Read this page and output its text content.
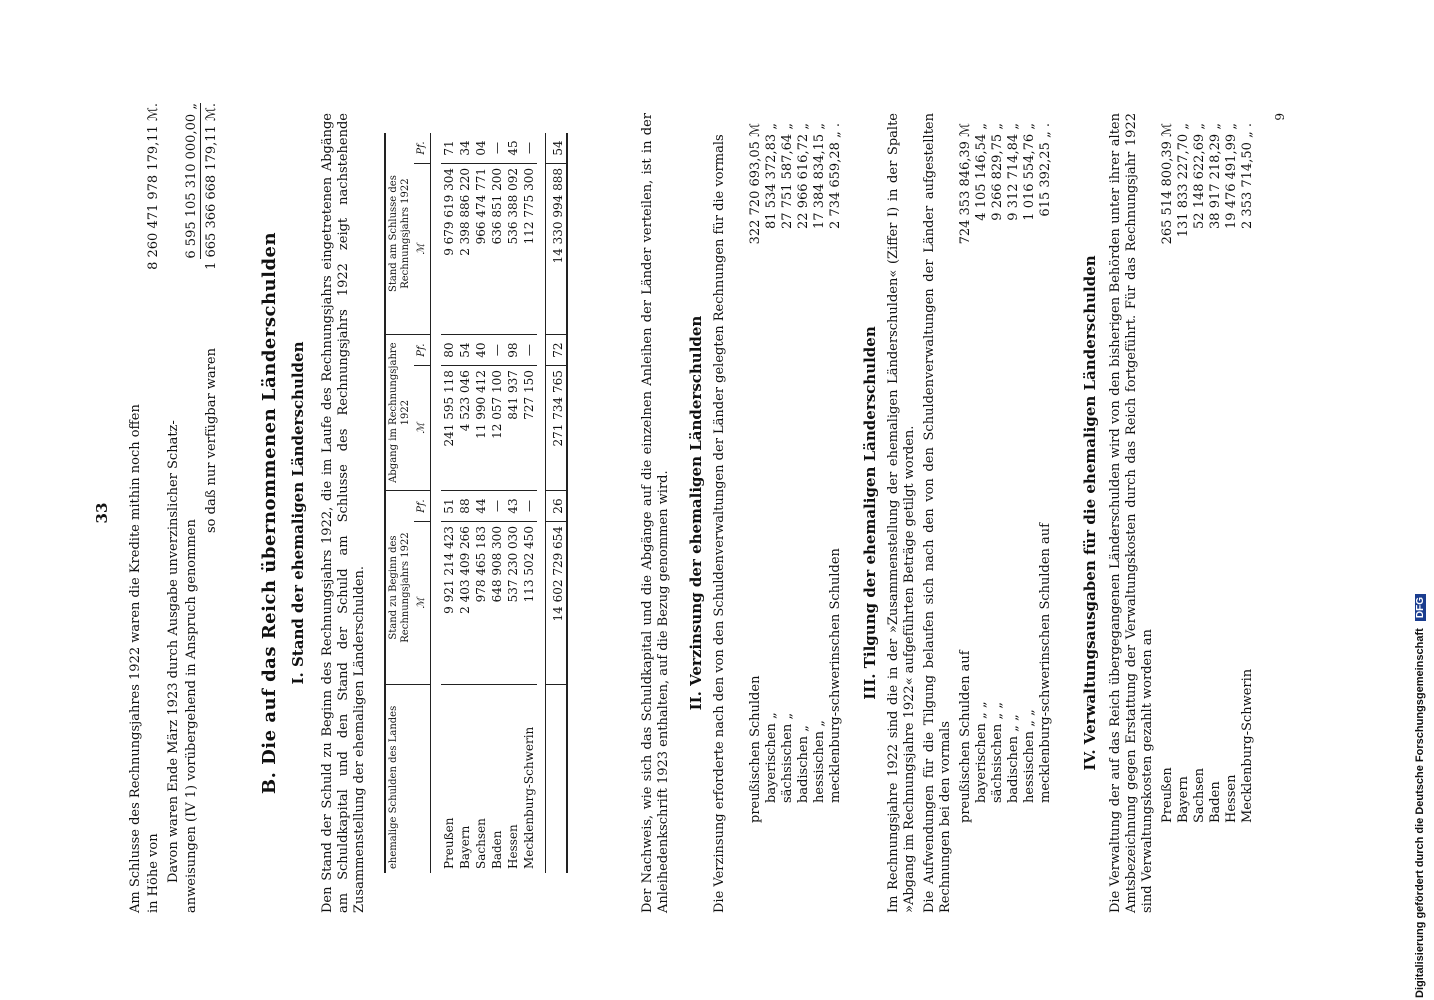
33 Am Schlusse des Rechnungsjahres 1922 waren die Kredite mithin noch offen in Höhe von
8 260 471 978 179,11 ℳ.
Davon waren Ende März 1923 durch Ausgabe unverzinslicher Schatz- anweisungen (IV 1) vorübergehend in Anspruch genommen
6 595 105 310 000,00 „
so daß nur verfügbar waren
1 665 366 668 179,11 ℳ.
B. Die auf das Reich übernommenen Länderschulden I. Stand der ehemaligen Länderschulden Den Stand der Schuld zu Beginn des Rechnungsjahrs 1922, die im Laufe des Rechnungsjahrs eingetretenen Abgänge am Schuldkapital und den Stand der Schuld am Schlusse des Rechnungsjahrs 1922 zeigt nachstehende Zusammenstellung der ehemaligen Länderschulden. ehemalige Schulden des Landes	Stand zu Beginn des Rechnungsjahrs 1922		Abgang im Rechnungsjahre 1922		Stand am Schlusse des Rechnungsjahrs 1922	
	ℳ	Pf.	ℳ	Pf.	ℳ	Pf.

Preußen	9 921 214 423	51	241 595 118	80	9 679 619 304	71
Bayern	2 403 409 266	88	4 523 046	54	2 398 886 220	34
Sachsen	978 465 183	44	11 990 412	40	966 474 771	04
Baden	648 908 300	—	12 057 100	—	636 851 200	—
Hessen	537 230 030	43	841 937	98	536 388 092	45
Mecklenburg-Schwerin	113 502 450	—	727 150	—	112 775 300	—

	14 602 729 654	26	271 734 765	72	14 330 994 888	54	Der Nachweis, wie sich das Schuldkapital und die Abgänge auf die einzelnen Anleihen der Länder verteilen, ist in der Anleihedenkschrift 1923 enthalten, auf die Bezug genommen wird. II. Verzinsung der ehemaligen Länderschulden Die Verzinsung erforderte nach den von den Schuldenverwaltungen der Länder gelegten Rechnungen für die vormals preußischen Schulden
322 720 693,05 ℳ
bayerischen „
81 534 372,83 „
sächsischen „
27 751 587,64 „
badischen „
22 966 616,72 „
hessischen „
17 384 834,15 „
mecklenburg-schwerinschen Schulden
2 734 659,28 „ .
III. Tilgung der ehemaligen Länderschulden Im Rechnungsjahre 1922 sind die in der »Zusammenstellung der ehemaligen Länderschulden« (Ziffer I) in der Spalte »Abgang im Rechnungsjahre 1922« aufgeführten Beträge getilgt worden. Die Aufwendungen für die Tilgung belaufen sich nach den von den Schuldenverwaltungen der Länder aufgestellten Rechnungen bei den vormals preußischen Schulden auf
724 353 846,39 ℳ
bayerischen „ „
4 105 146,54 „
sächsischen „ „
9 266 829,75 „
badischen „ „
9 312 714,84 „
hessischen „ „
1 016 554,76 „
mecklenburg-schwerinschen Schulden auf
615 392,25 „ .
IV. Verwaltungsausgaben für die ehemaligen Länderschulden Die Verwaltung der auf das Reich übergegangenen Länderschulden wird von den bisherigen Behörden unter ihrer alten Amtsbezeichnung gegen Erstattung der Verwaltungskosten durch das Reich fortgeführt. Für das Rechnungsjahr 1922 sind Verwaltungskosten gezahlt worden an Preußen
265 514 800,39 ℳ
Bayern
131 833 227,70 „
Sachsen
52 148 622,69 „
Baden
38 917 218,29 „
Hessen
19 476 491,99 „
Mecklenburg-Schwerin
2 353 714,50 „ .
9
Digitalisierung gefördert durch die Deutsche Forschungsgemeinschaft DFG
